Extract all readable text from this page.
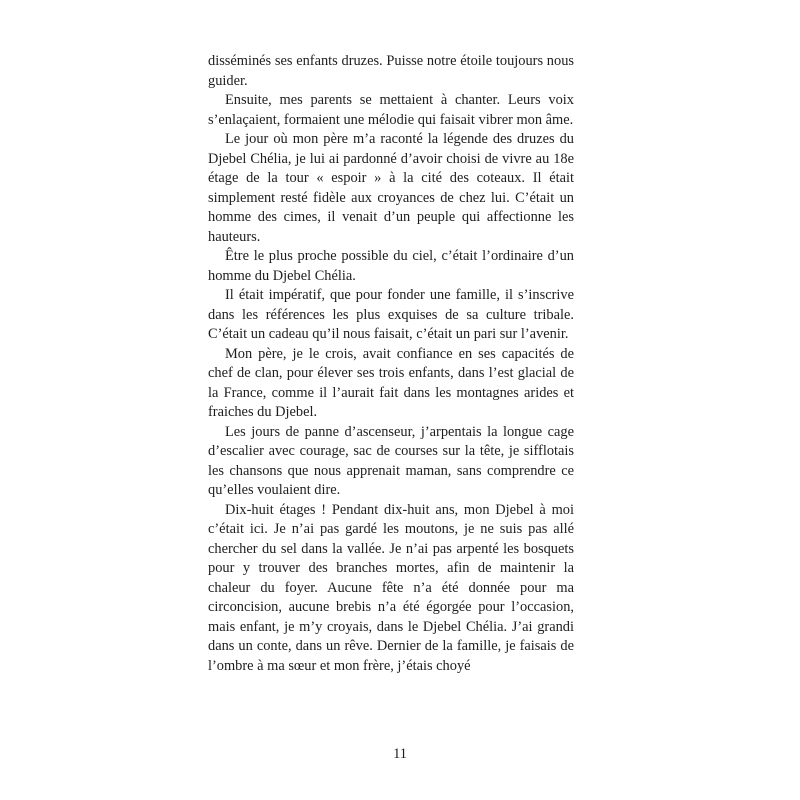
disséminés ses enfants druzes. Puisse notre étoile toujours nous guider.

Ensuite, mes parents se mettaient à chanter. Leurs voix s’enlaçaient, formaient une mélodie qui faisait vibrer mon âme.

Le jour où mon père m’a raconté la légende des druzes du Djebel Chélia, je lui ai pardonné d’avoir choisi de vivre au 18e étage de la tour « espoir » à la cité des coteaux. Il était simplement resté fidèle aux croyances de chez lui. C’était un homme des cimes, il venait d’un peuple qui affectionne les hauteurs.

Être le plus proche possible du ciel, c’était l’ordinaire d’un homme du Djebel Chélia.

Il était impératif, que pour fonder une famille, il s’inscrive dans les références les plus exquises de sa culture tribale. C’était un cadeau qu’il nous faisait, c’était un pari sur l’avenir.

Mon père, je le crois, avait confiance en ses capacités de chef de clan, pour élever ses trois enfants, dans l’est glacial de la France, comme il l’aurait fait dans les montagnes arides et fraiches du Djebel.

Les jours de panne d’ascenseur, j’arpentais la longue cage d’escalier avec courage, sac de courses sur la tête, je sifflotais les chansons que nous apprenait maman, sans comprendre ce qu’elles voulaient dire.

Dix-huit étages ! Pendant dix-huit ans, mon Djebel à moi c’était ici. Je n’ai pas gardé les moutons, je ne suis pas allé chercher du sel dans la vallée. Je n’ai pas arpenté les bosquets pour y trouver des branches mortes, afin de maintenir la chaleur du foyer. Aucune fête n’a été donnée pour ma circoncision, aucune brebis n’a été égorgée pour l’occasion, mais enfant, je m’y croyais, dans le Djebel Chélia. J’ai grandi dans un conte, dans un rêve. Dernier de la famille, je faisais de l’ombre à ma sœur et mon frère, j’étais choyé

11
